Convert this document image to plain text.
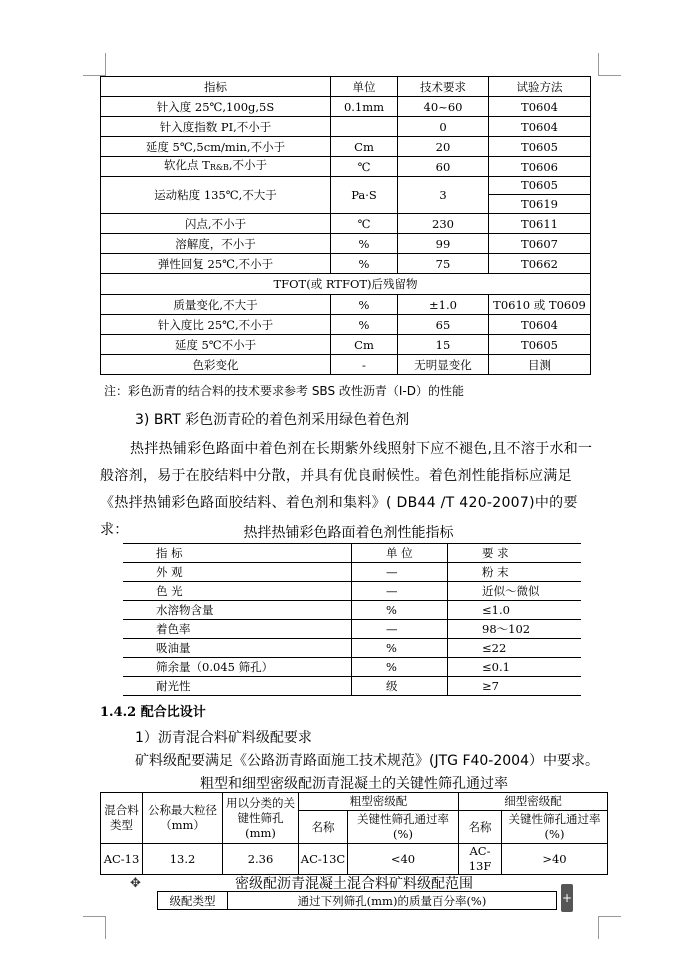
指标	单位	技术要求	试验方法
针入度 25℃,100g,5S	0.1mm	40~60	T0604
针入度指数 PI,不小于		0	T0604
延度 5℃,5cm/min,不小于	Cm	20	T0605
软化点 $T_{R\&B}$,不小于	℃	60	T0606
运动粘度 135℃,不大于	Pa·S	3	T0605
T0619

闪点,不小于	℃	230	T0611
溶解度，不小于	%	99	T0607
弹性回复 25℃,不小于	%	75	T0662
TFOT(或 RTFOT)后残留物			
质量变化,不大于	%	±1.0	T0610 或 T0609
针入度比 25℃,不小于	%	65	T0604
延度 5℃不小于	Cm	15	T0605
色彩变化	-	无明显变化	目测
注：彩色沥青的结合料的技术要求参考 SBS 改性沥青（I-D）的性能
3) BRT 彩色沥青砼的着色剂采用绿色着色剂
热拌热铺彩色路面中着色剂在长期紫外线照射下应不褪色,且不溶于水和一般溶剂，易于在胶结料中分散，并具有优良耐候性。着色剂性能指标应满足《热拌热铺彩色路面胶结料、着色剂和集料》( DB44 /T 420-2007)中的要求：	热拌热铺彩色路面着色剂性能指标
指 标	单 位	要 求
外 观	—	粉 末
色 光	—	近似～微似
水溶物含量	%	≤1.0
着色率	—	98～102
吸油量	%	≤22
筛余量（0.045 筛孔）	%	≤0.1
耐光性	级	≥7
1.4.2 配合比设计
1）沥青混合料矿料级配要求
矿料级配要满足《公路沥青路面施工技术规范》(JTG F40-2004）中要求。
粗型和细型密级配沥青混凝土的关键性筛孔通过率
混合料类型	公称最大粒径（mm）	用以分类的关键性筛孔(mm)	粗型密级配		细型密级配	
			名称	关键性筛孔通过率(%)	名称	关键性筛孔通过率(%)
AC-13	13.2	2.36	AC-13C	<40	AC-13F	>40
✥	密级配沥青混凝土混合料矿料级配范围
级配类型	通过下列筛孔(mm)的质量百分率(%)	+
